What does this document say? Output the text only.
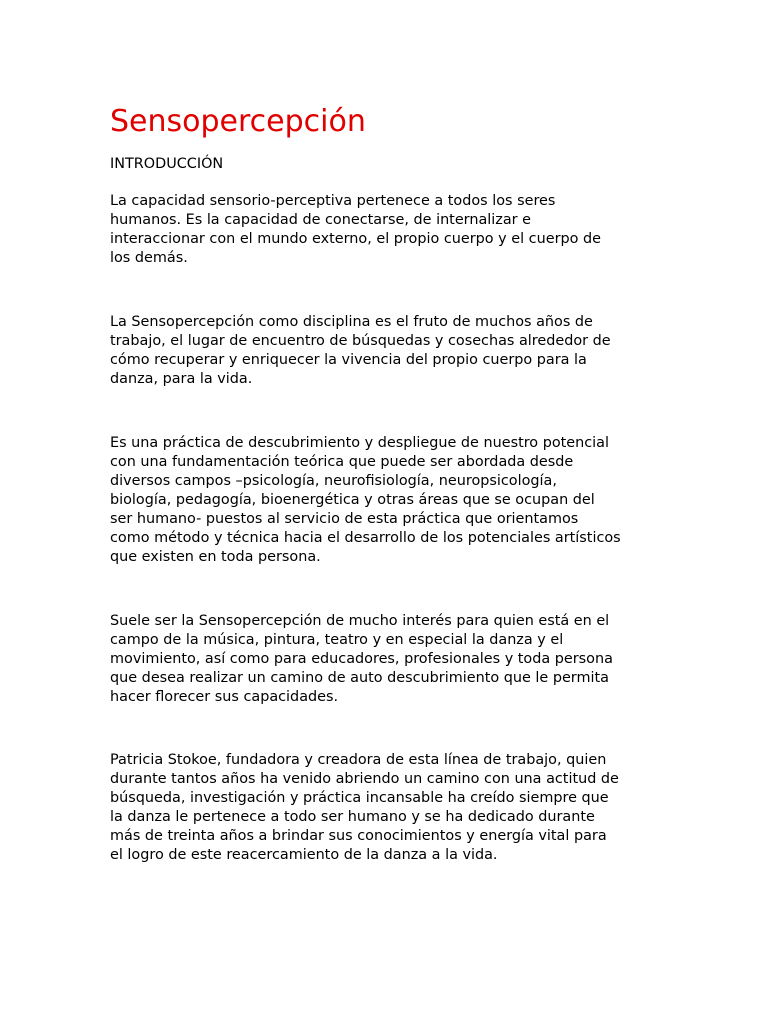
Sensopercepción

INTRODUCCIÓN

La capacidad sensorio-perceptiva pertenece a todos los seres
humanos. Es la capacidad de conectarse, de internalizar e
interaccionar con el mundo externo, el propio cuerpo y el cuerpo de
los demás.

La Sensopercepción como disciplina es el fruto de muchos años de
trabajo, el lugar de encuentro de búsquedas y cosechas alrededor de
cómo recuperar y enriquecer la vivencia del propio cuerpo para la
danza, para la vida.

Es una práctica de descubrimiento y despliegue de nuestro potencial
con una fundamentación teórica que puede ser abordada desde
diversos campos –psicología, neurofisiología, neuropsicología,
biología, pedagogía, bioenergética y otras áreas que se ocupan del
ser humano- puestos al servicio de esta práctica que orientamos
como método y técnica hacia el desarrollo de los potenciales artísticos
que existen en toda persona.

Suele ser la Sensopercepción de mucho interés para quien está en el
campo de la música, pintura, teatro y en especial la danza y el
movimiento, así como para educadores, profesionales y toda persona
que desea realizar un camino de auto descubrimiento que le permita
hacer florecer sus capacidades.

Patricia Stokoe, fundadora y creadora de esta línea de trabajo, quien
durante tantos años ha venido abriendo un camino con una actitud de
búsqueda, investigación y práctica incansable ha creído siempre que
la danza le pertenece a todo ser humano y se ha dedicado durante
más de treinta años a brindar sus conocimientos y energía vital para
el logro de este reacercamiento de la danza a la vida.
